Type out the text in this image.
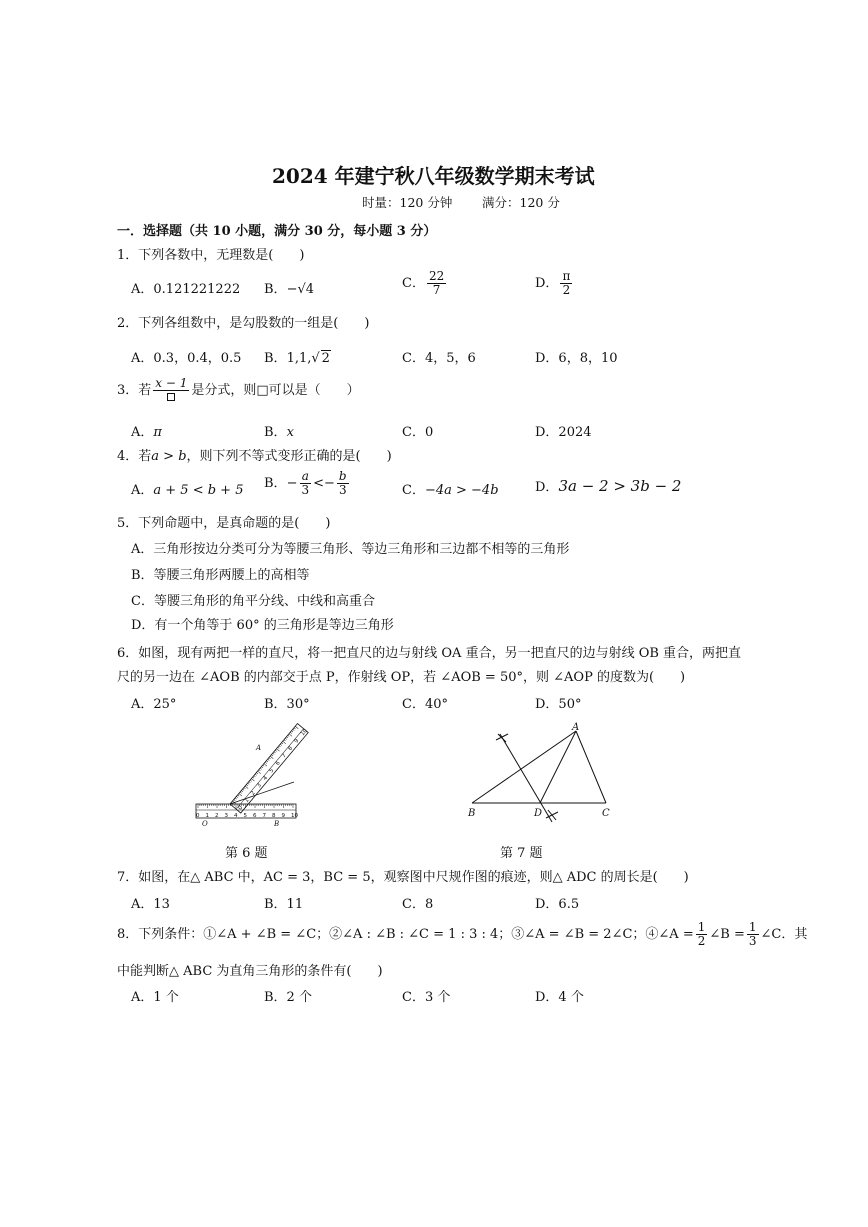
2024 年建宁秋八年级数学期末考试
时量：120 分钟 满分：120 分
一．选择题（共 10 小题，满分 30 分，每小题 3 分）
1．下列各数中，无理数是(　　)
A．0.121221222 B．−√4	C． $\frac{22}{7}$	D． $\frac{\pi}{2}$
2．下列各组数中，是勾股数的一组是(　　)
A．0.3，0.4，0.5 B．1,1,√ 2	C．4，5，6	D．6，8，10
3．若 x − 1 是分式，则□可以是（　　）
A．π	B．x	C．0	D．2024
4．若a > b，则下列不等式变形正确的是(　　)
A．a + 5 < b + 5 B．− $\frac{a}{3} <- \frac{b}{3}$	C．−4a > −4b	D．3a − 2 > 3b − 2
5．下列命题中，是真命题的是(　　)
A．三角形按边分类可分为等腰三角形、等边三角形和三边都不相等的三角形
B．等腰三角形两腰上的高相等
C．等腰三角形的角平分线、中线和高重合
D．有一个角等于 60° 的三角形是等边三角形
6．如图，现有两把一样的直尺，将一把直尺的边与射线 OA 重合，另一把直尺的边与射线 OB 重合，两把直
尺的另一边在 ∠AOB 的内部交于点 P，作射线 OP，若 ∠AOB = 50°，则 ∠AOP 的度数为(　　)
A．25°	B．30°	C．40°	D．50°
0 1 2 3 4 5 6 7 8 9 10
0
1
2
3
4
5
6
7
8
9
10
A
O	B
A
B	D	C
第 6 题	第 7 题
7．如图，在△ ABC 中，AC = 3，BC = 5，观察图中尺规作图的痕迹，则△ ADC 的周长是(　　)
A．13	B．11	C．8	D．6.5
8．下列条件：①∠A + ∠B = ∠C；②∠A : ∠B : ∠C = 1 : 3 : 4；③∠A = ∠B = 2∠C；④∠A = $\frac{1}{2}$ ∠B = $\frac{1}{3}$ ∠C．其
中能判断△ ABC 为直角三角形的条件有(　　)
A．1 个	B．2 个	C．3 个	D．4 个
